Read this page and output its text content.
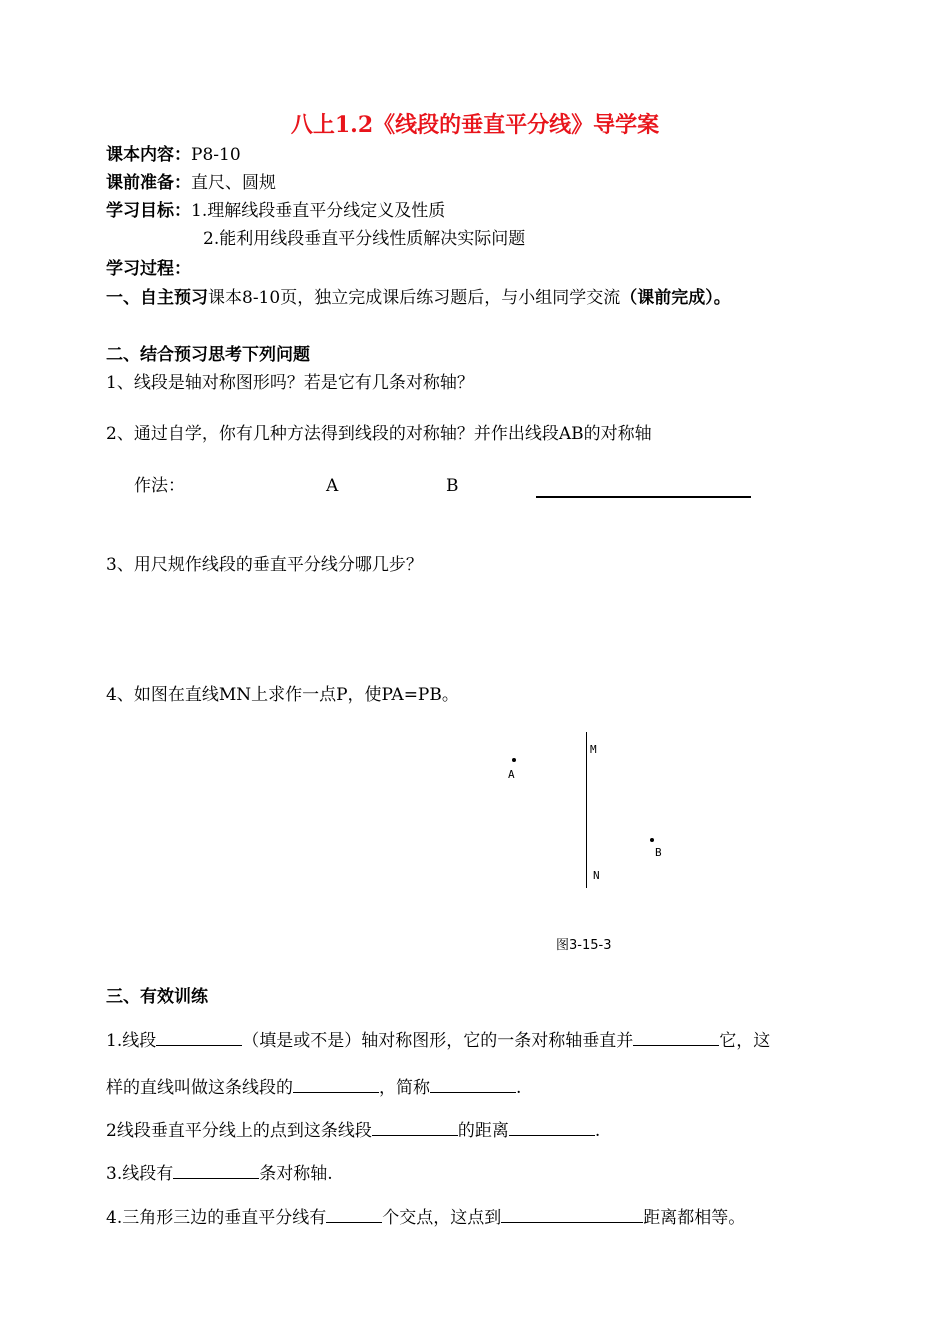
八上1.2《线段的垂直平分线》导学案
课本内容：P8-10
课前准备：直尺、圆规
学习目标：1.理解线段垂直平分线定义及性质
2.能利用线段垂直平分线性质解决实际问题
学习过程：
一、自主预习课本8-10页，独立完成课后练习题后，与小组同学交流（课前完成）。
二、结合预习思考下列问题
1、线段是轴对称图形吗？若是它有几条对称轴？
2、通过自学，你有几种方法得到线段的对称轴？并作出线段AB的对称轴
作法：	A	B
3、用尺规作线段的垂直平分线分哪几步？
4、如图在直线MN上求作一点P，使PA=PB。
M
N
A
B
图3-15-3
三、有效训练
1.线段	（填是或不是）轴对称图形，它的一条对称轴垂直并	它，这
样的直线叫做这条线段的	，简称	.
2线段垂直平分线上的点到这条线段	的距离	.
3.线段有	条对称轴.
4.三角形三边的垂直平分线有	个交点，这点到	距离都相等。
